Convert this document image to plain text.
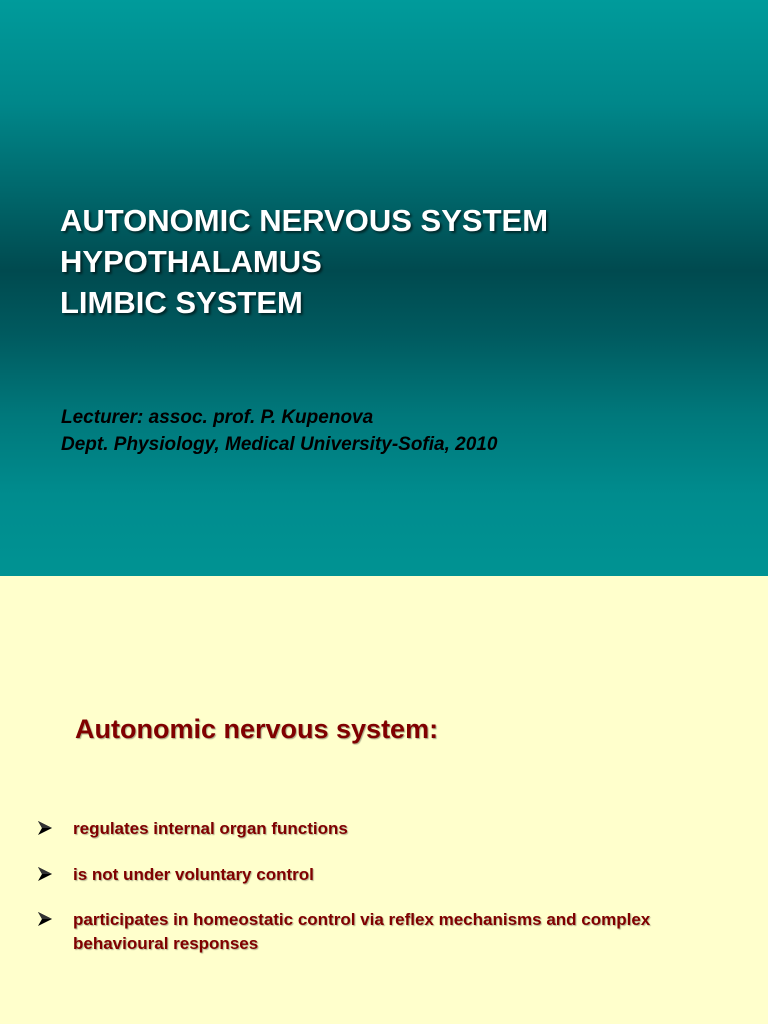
AUTONOMIC NERVOUS SYSTEM
HYPOTHALAMUS
LIMBIC SYSTEM
Lecturer: assoc. prof. P. Kupenova
Dept. Physiology, Medical University-Sofia, 2010
Autonomic nervous system:
regulates internal organ functions
is not under voluntary control
participates in homeostatic control via reflex mechanisms and complex behavioural responses
